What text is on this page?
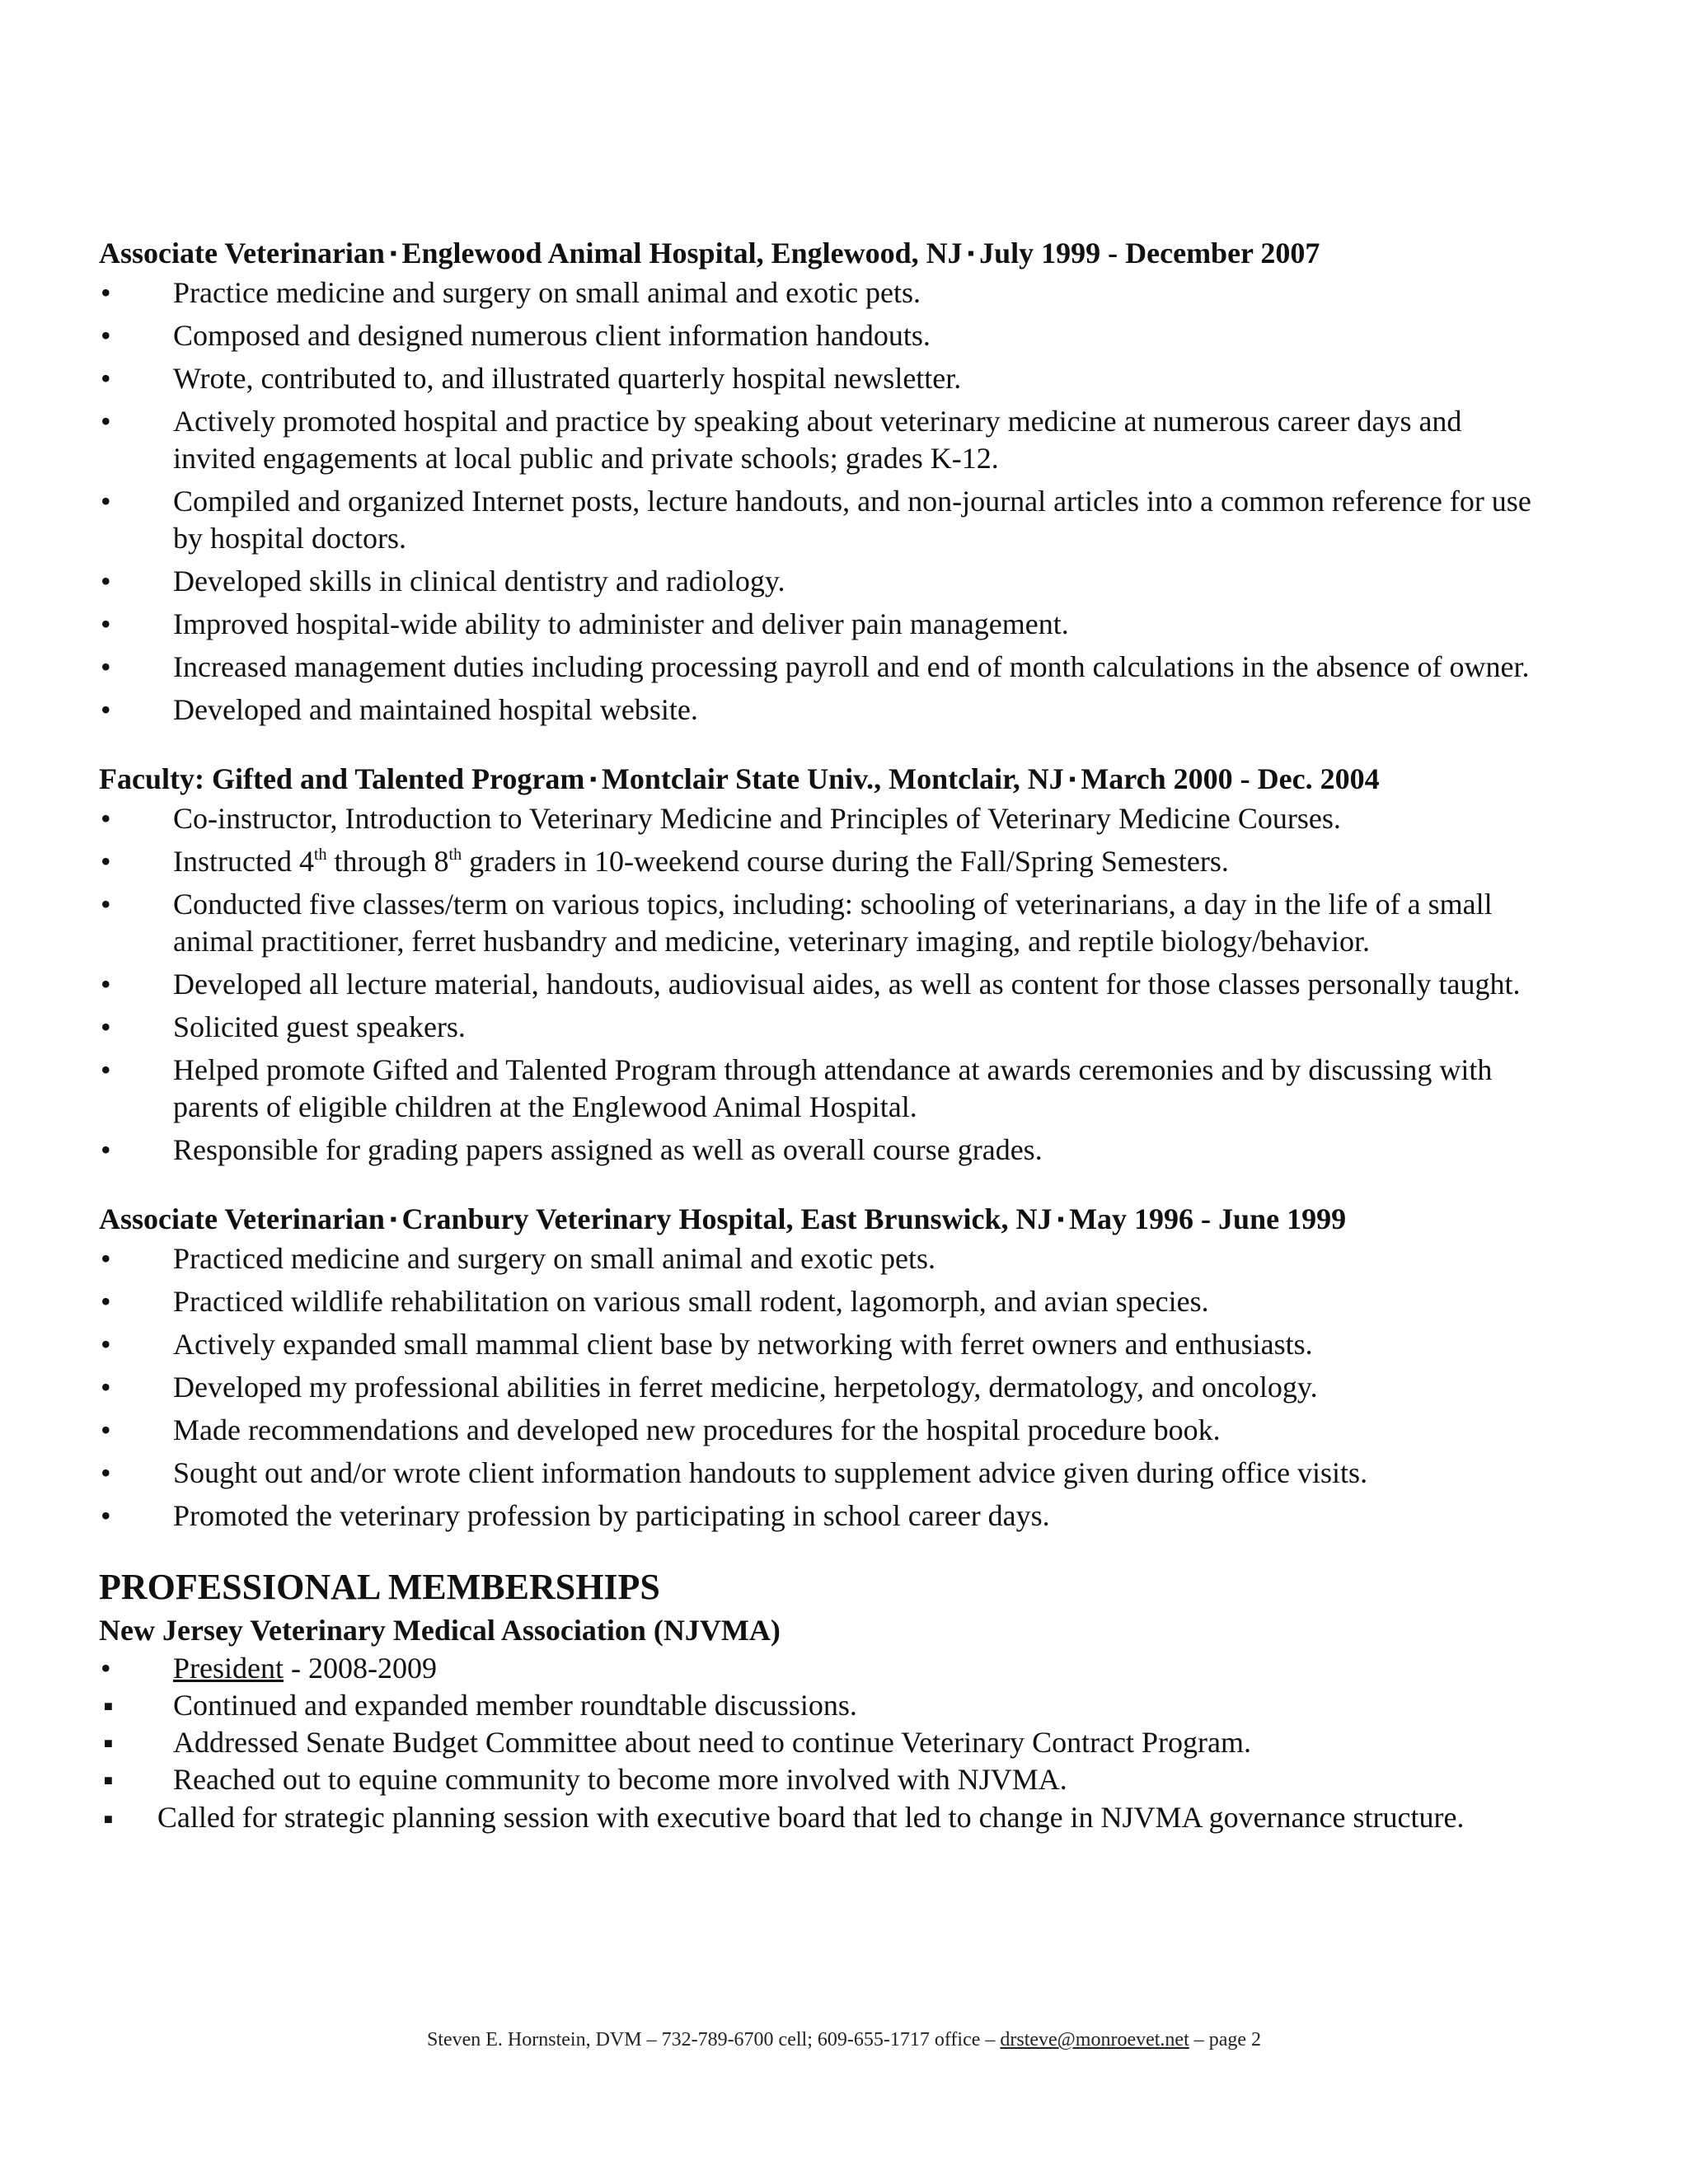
Associate Veterinarian ▪ Englewood Animal Hospital, Englewood, NJ ▪ July 1999 - December 2007
• Practice medicine and surgery on small animal and exotic pets.
• Composed and designed numerous client information handouts.
• Wrote, contributed to, and illustrated quarterly hospital newsletter.
• Actively promoted hospital and practice by speaking about veterinary medicine at numerous career days and invited engagements at local public and private schools; grades K-12.
• Compiled and organized Internet posts, lecture handouts, and non-journal articles into a common reference for use by hospital doctors.
• Developed skills in clinical dentistry and radiology.
• Improved hospital-wide ability to administer and deliver pain management.
• Increased management duties including processing payroll and end of month calculations in the absence of owner.
• Developed and maintained hospital website.
Faculty: Gifted and Talented Program ▪ Montclair State Univ., Montclair, NJ ▪ March 2000 - Dec. 2004
• Co-instructor, Introduction to Veterinary Medicine and Principles of Veterinary Medicine Courses.
• Instructed 4th through 8th graders in 10-weekend course during the Fall/Spring Semesters.
• Conducted five classes/term on various topics, including: schooling of veterinarians, a day in the life of a small animal practitioner, ferret husbandry and medicine, veterinary imaging, and reptile biology/behavior.
• Developed all lecture material, handouts, audiovisual aides, as well as content for those classes personally taught.
• Solicited guest speakers.
• Helped promote Gifted and Talented Program through attendance at awards ceremonies and by discussing with parents of eligible children at the Englewood Animal Hospital.
• Responsible for grading papers assigned as well as overall course grades.
Associate Veterinarian ▪ Cranbury Veterinary Hospital, East Brunswick, NJ ▪ May 1996 - June 1999
• Practiced medicine and surgery on small animal and exotic pets.
• Practiced wildlife rehabilitation on various small rodent, lagomorph, and avian species.
• Actively expanded small mammal client base by networking with ferret owners and enthusiasts.
• Developed my professional abilities in ferret medicine, herpetology, dermatology, and oncology.
• Made recommendations and developed new procedures for the hospital procedure book.
• Sought out and/or wrote client information handouts to supplement advice given during office visits.
• Promoted the veterinary profession by participating in school career days.
PROFESSIONAL MEMBERSHIPS
New Jersey Veterinary Medical Association (NJVMA)
• President - 2008-2009
■ Continued and expanded member roundtable discussions.
■ Addressed Senate Budget Committee about need to continue Veterinary Contract Program.
■ Reached out to equine community to become more involved with NJVMA.
■ Called for strategic planning session with executive board that led to change in NJVMA governance structure.
Steven E. Hornstein, DVM – 732-789-6700 cell; 609-655-1717 office – drsteve@monroevet.net – page 2
